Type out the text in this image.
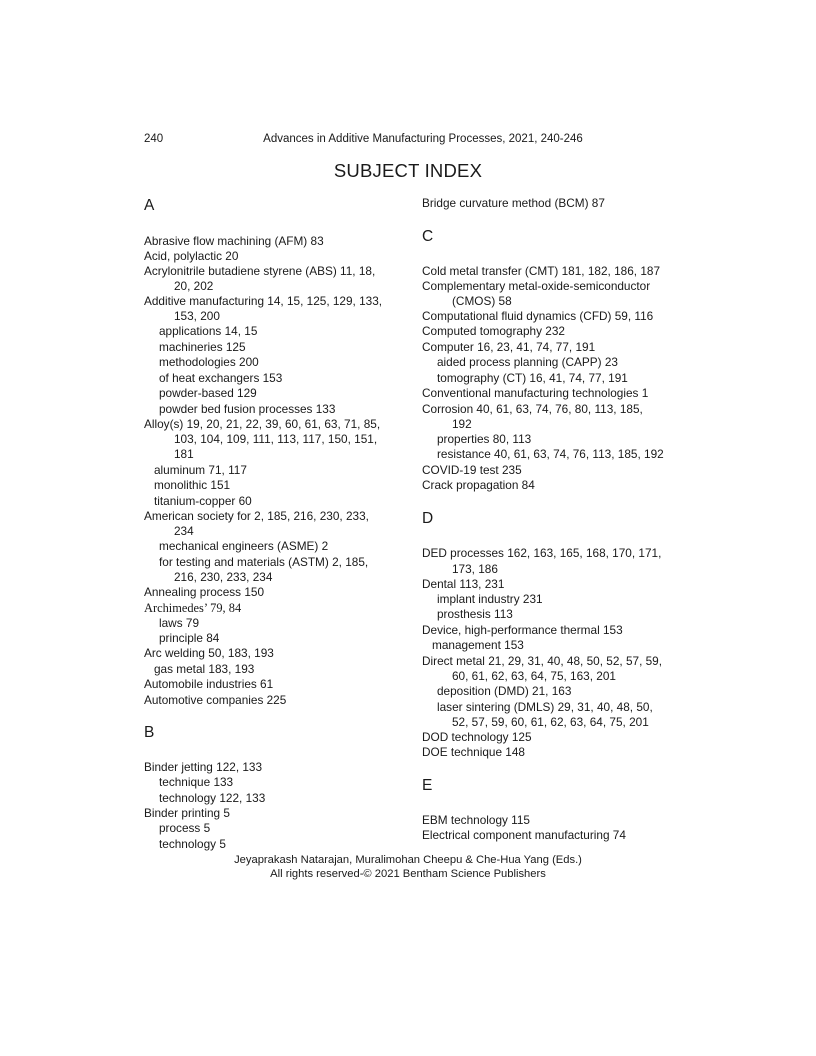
240	Advances in Additive Manufacturing Processes, 2021, 240-246
SUBJECT INDEX
A
Abrasive flow machining (AFM) 83
Acid, polylactic 20
Acrylonitrile butadiene styrene (ABS) 11, 18,
20, 202
Additive manufacturing 14, 15, 125, 129, 133,
153, 200
applications 14, 15
machineries 125
methodologies 200
of heat exchangers 153
powder-based 129
powder bed fusion processes 133
Alloy(s) 19, 20, 21, 22, 39, 60, 61, 63, 71, 85,
103, 104, 109, 111, 113, 117, 150, 151,
181
aluminum 71, 117
monolithic 151
titanium-copper 60
American society for 2, 185, 216, 230, 233,
234
mechanical engineers (ASME) 2
for testing and materials (ASTM) 2, 185,
216, 230, 233, 234
Annealing process 150
Archimedes’ 79, 84
laws 79
principle 84
Arc welding 50, 183, 193
gas metal 183, 193
Automobile industries 61
Automotive companies 225
B
Binder jetting 122, 133
technique 133
technology 122, 133
Binder printing 5
process 5
technology 5
Bridge curvature method (BCM) 87
C
Cold metal transfer (CMT) 181, 182, 186, 187
Complementary metal-oxide-semiconductor
(CMOS) 58
Computational fluid dynamics (CFD) 59, 116
Computed tomography 232
Computer 16, 23, 41, 74, 77, 191
aided process planning (CAPP) 23
tomography (CT) 16, 41, 74, 77, 191
Conventional manufacturing technologies 1
Corrosion 40, 61, 63, 74, 76, 80, 113, 185,
192
properties 80, 113
resistance 40, 61, 63, 74, 76, 113, 185, 192
COVID-19 test 235
Crack propagation 84
D
DED processes 162, 163, 165, 168, 170, 171,
173, 186
Dental 113, 231
implant industry 231
prosthesis 113
Device, high-performance thermal 153
management 153
Direct metal 21, 29, 31, 40, 48, 50, 52, 57, 59,
60, 61, 62, 63, 64, 75, 163, 201
deposition (DMD) 21, 163
laser sintering (DMLS) 29, 31, 40, 48, 50,
52, 57, 59, 60, 61, 62, 63, 64, 75, 201
DOD technology 125
DOE technique 148
E
EBM technology 115
Electrical component manufacturing 74
Jeyaprakash Natarajan, Muralimohan Cheepu & Che-Hua Yang (Eds.)
All rights reserved-© 2021 Bentham Science Publishers
